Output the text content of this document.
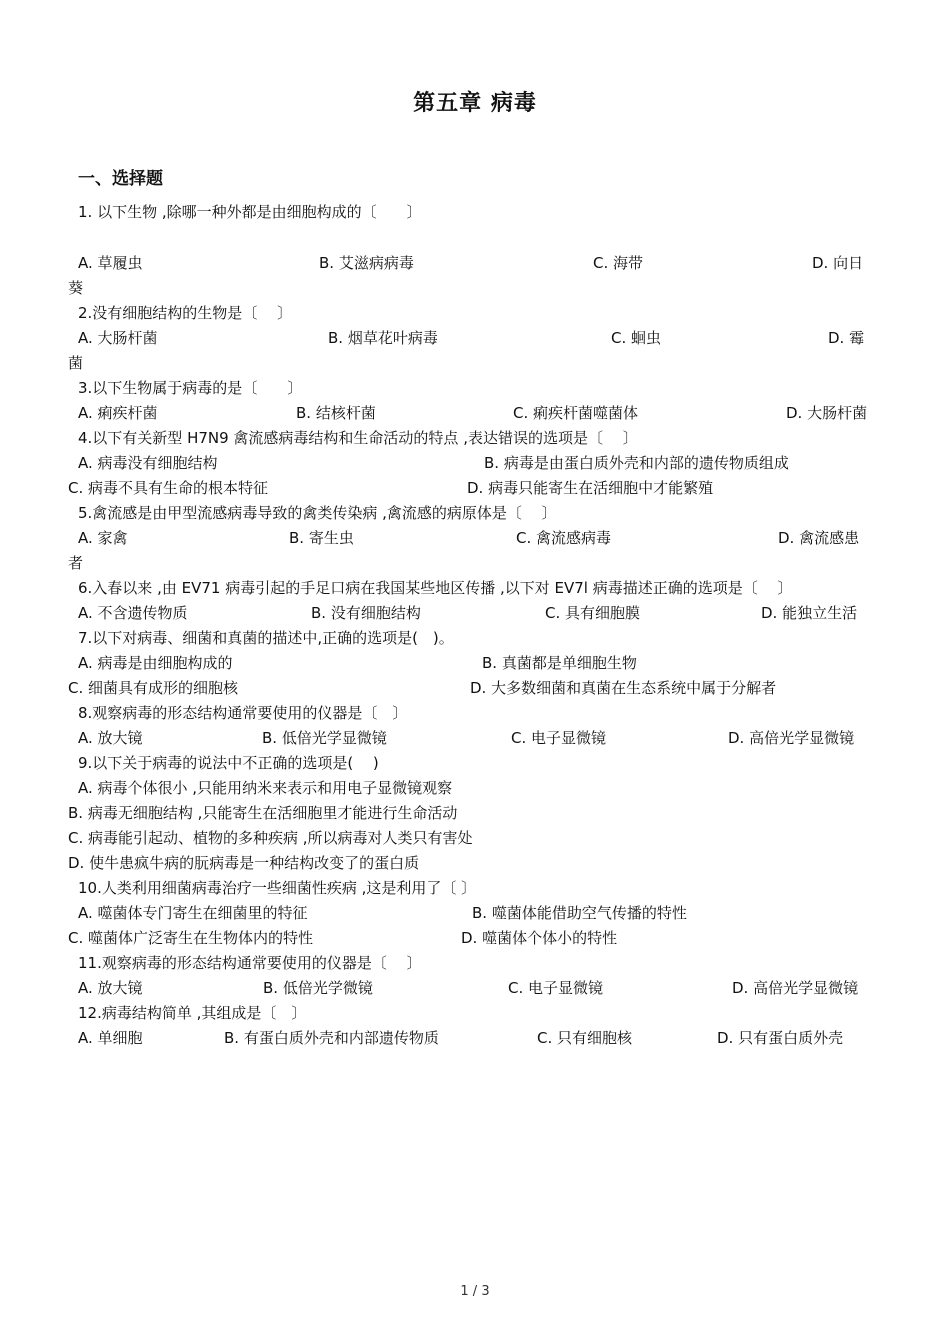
第五章 病毒
一、选择题
1. 以下生物 ,除哪一种外都是由细胞构成的〔　　〕
A. 草履虫	B. 艾滋病病毒	C. 海带	D. 向日
葵
2.没有细胞结构的生物是〔　 〕
A. 大肠杆菌	B. 烟草花叶病毒	C. 蛔虫	D. 霉
菌
3.以下生物属于病毒的是〔　　〕
A. 痢疾杆菌	B. 结核杆菌	C. 痢疾杆菌噬菌体	D. 大肠杆菌
4.以下有关新型 H7N9 禽流感病毒结构和生命活动的特点 ,表达错误的选项是〔　 〕
A. 病毒没有细胞结构	B. 病毒是由蛋白质外壳和内部的遗传物质组成
C. 病毒不具有生命的根本特征	D. 病毒只能寄生在活细胞中才能繁殖
5.禽流感是由甲型流感病毒导致的禽类传染病 ,禽流感的病原体是〔　 〕
A. 家禽	B. 寄生虫	C. 禽流感病毒	D. 禽流感患
者
6.入春以来 ,由 EV71 病毒引起的手足口病在我国某些地区传播 ,以下对 EV7l 病毒描述正确的选项是〔　 〕
A. 不含遗传物质	B. 没有细胞结构	C. 具有细胞膜	D. 能独立生活
7.以下对病毒、细菌和真菌的描述中,正确的选项是(　)。
A. 病毒是由细胞构成的	B. 真菌都是单细胞生物
C. 细菌具有成形的细胞核	D. 大多数细菌和真菌在生态系统中属于分解者
8.观察病毒的形态结构通常要使用的仪器是〔　〕
A. 放大镜	B. 低倍光学显微镜	C. 电子显微镜	D. 高倍光学显微镜
9.以下关于病毒的说法中不正确的选项是(　 )
A. 病毒个体很小 ,只能用纳米来表示和用电子显微镜观察
B. 病毒无细胞结构 ,只能寄生在活细胞里才能进行生命活动
C. 病毒能引起动、植物的多种疾病 ,所以病毒对人类只有害处
D. 使牛患疯牛病的朊病毒是一种结构改变了的蛋白质
10.人类利用细菌病毒治疗一些细菌性疾病 ,这是利用了〔 〕
A. 噬菌体专门寄生在细菌里的特征	B. 噬菌体能借助空气传播的特性
C. 噬菌体广泛寄生在生物体内的特性	D. 噬菌体个体小的特性
11.观察病毒的形态结构通常要使用的仪器是〔　 〕
A. 放大镜	B. 低倍光学微镜	C. 电子显微镜	D. 高倍光学显微镜
12.病毒结构简单 ,其组成是〔　〕
A. 单细胞	B. 有蛋白质外壳和内部遗传物质	C. 只有细胞核	D. 只有蛋白质外壳
1 / 3
